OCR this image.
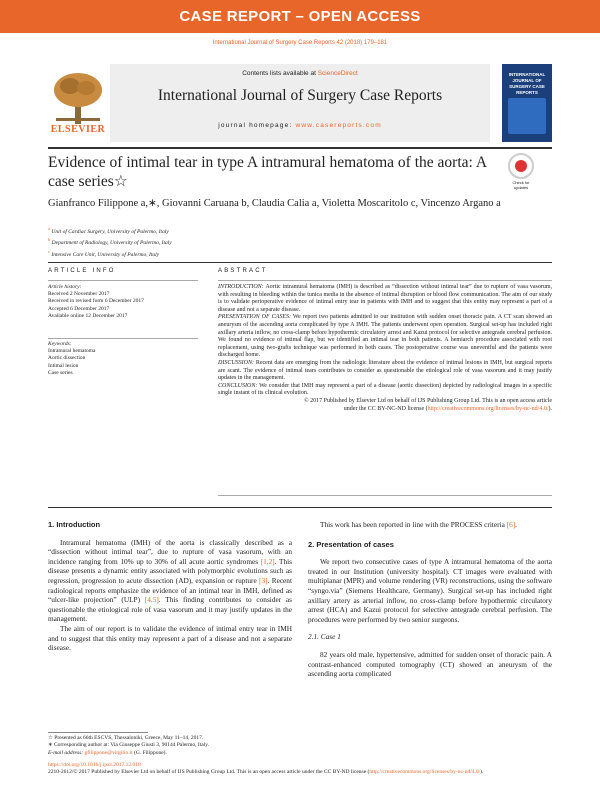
CASE REPORT – OPEN ACCESS
International Journal of Surgery Case Reports 42 (2018) 179–181
ELSEVIER
Contents lists available at ScienceDirect
International Journal of Surgery Case Reports
journal homepage: www.casereports.com
INTERNATIONAL JOURNAL OF SURGERY CASE REPORTS
Evidence of intimal tear in type A intramural hematoma of the aorta: A case series☆	Check for updates
Gianfranco Filippone a,∗, Giovanni Caruana b, Claudia Calia a, Violetta Moscaritolo c, Vincenzo Argano a
$^a$ Unit of Cardiac Surgery, University of Palermo, Italy
$^b$ Department of Radiology, University of Palermo, Italy
$^c$ Intensive Care Unit, University of Palermo, Italy
ARTICLE INFO	ABSTRACT
Article history:
Received 2 November 2017
Received in revised form 6 December 2017
Accepted 6 December 2017
Available online 12 December 2017
Keywords:
Intramural hematoma
Aortic dissection
Intimal lesion
Case series

INTRODUCTION: Aortic intramural hematoma (IMH) is described as “dissection without intimal tear” due to rupture of vasa vasorum, with resulting in bleeding within the tunica media in the absence of intimal disruption or blood flow communication. The aim of our study is to validate perioperative evidence of intimal entry tear in patients with IMH and to suggest that this entity may represent a part of a disease and not a separate disease.

PRESENTATION OF CASES: We report two patients admitted to our institution with sudden onset thoracic pain. A CT scan showed an aneurysm of the ascending aorta complicated by type A IMH. The patients underwent open operation. Surgical set-up has included right axillary arteria inflow, no cross-clamp before hypothermic circulatory arrest and Kazui protocol for selective antegrade cerebral perfusion. We found no evidence of intimal flap, but we identified an intimal tear in both patients. A hemiarch procedure associated with root replacement, using two-grafts technique was performed in both cases. The postoperative course was uneventful and the patients were discharged home.

DISCUSSION: Recent data are emerging from the radiologic literature about the evidence of intimal lesions in IMH, but surgical reports are scant. The evidence of intimal tears contributes to consider as questionable the etiological role of vasa vasorum and it may justify updates in the management.

CONCLUSION: We consider that IMH may represent a part of a disease (aortic dissection) depicted by radiological images in a specific single instant of its clinical evolution.

© 2017 Published by Elsevier Ltd on behalf of IJS Publishing Group Ltd. This is an open access article

under the CC BY-NC-ND license (http://creativecommons.org/licenses/by-nc-nd/4.0/).

1. Introduction

Intramural hematoma (IMH) of the aorta is classically described as a “dissection without intimal tear”, due to rupture of vasa vasorum, with an incidence ranging from 10% up to 30% of all acute aortic syndromes [1,2]. This disease presents a dynamic entity associated with polymorphic evolutions such as regression, progression to acute dissection (AD), expansion or rupture [3]. Recent radiological reports emphasize the evidence of an intimal tear in IMH, defined as “ulcer-like projection” (ULP) [4,5]. This finding contributes to consider as questionable the etiological role of vasa vasorum and it may justify updates in the management.

The aim of our report is to validate the evidence of intimal entry tear in IMH and to suggest that this entity may represent a part of a disease and not a separate disease.

This work has been reported in line with the PROCESS criteria [6].

2. Presentation of cases

We report two consecutive cases of type A intramural hematoma of the aorta treated in our Institution (university hospital). CT images were evaluated with multiplanar (MPR) and volume rendering (VR) reconstructions, using the software “syngo.via” (Siemens Healthcare, Germany). Surgical set-up has included right axillary artery as arterial inflow, no cross-clamp before hypothermic circulatory arrest (HCA) and Kazui protocol for selective antegrade cerebral perfusion. The procedures were performed by two senior surgeons.

2.1. Case 1

82 years old male, hypertensive, admitted for sudden onset of thoracic pain. A contrast-enhanced computed tomography (CT) showed an aneurysm of the ascending aorta complicated

☆ Presented as 66th ESCVS, Thessaloniki, Greece, May 11–14, 2017.
∗ Corresponding author at: Via Giuseppe Giusti 3, 90144 Palermo, Italy.
E-mail address: gfilippone@virgilio.it (G. Filippone).
https://doi.org/10.1016/j.ijscr.2017.12.018
2210-2612/© 2017 Published by Elsevier Ltd on behalf of IJS Publishing Group Ltd. This is an open access article under the CC BY-ND license (http://creativecommons.org/licenses/by-nc-nd/4.0/).
